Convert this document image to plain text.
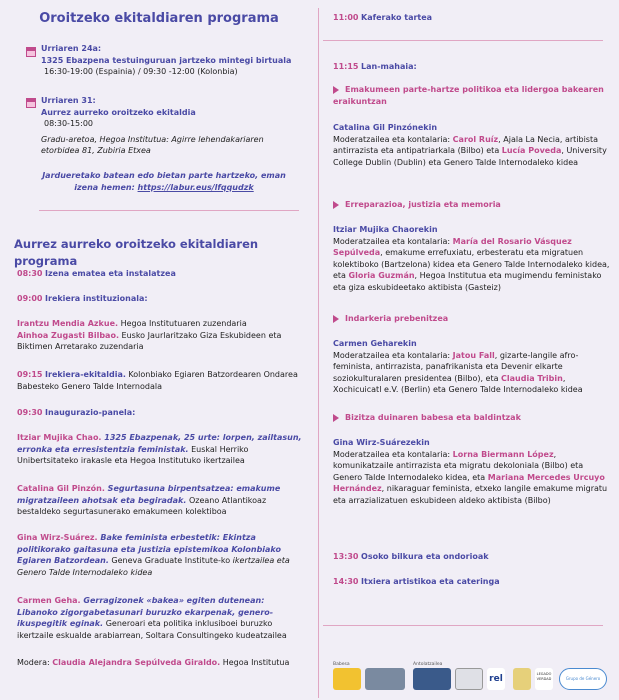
Oroitzeko ekitaldiaren programa
Urriaren 24a:
1325 Ebazpena testuinguruan jartzeko mintegi birtuala
16:30-19:00 (Espainia) / 09:30 -12:00 (Kolonbia)
Urriaren 31:
Aurrez aurreko oroitzeko ekitaldia
08:30-15:00
Gradu-aretoa, Hegoa Institutua: Agirre lehendakariaren etorbidea 81, Zubiria Etxea
Jardueretako batean edo bietan parte hartzeko, eman izena hemen: https://labur.eus/lfqqudzk
Aurrez aurreko oroitzeko ekitaldiaren programa
08:30 Izena ematea eta instalatzea
09:00 Irekiera instituzionala:
Irantzu Mendia Azkue. Hegoa Institutuaren zuzendaria
Ainhoa Zugasti Bilbao. Eusko Jaurlaritzako Giza Eskubideen eta Biktimen Arretarako zuzendaria
09:15 Irekiera-ekitaldia. Kolonbiako Egiaren Batzordearen Ondarea Babesteko Genero Talde Internodala
09:30 Inaugurazio-panela:
Itziar Mujika Chao. 1325 Ebazpenak, 25 urte: lorpen, zailtasun, erronka eta erresistentzia feministak. Euskal Herriko Unibertsitateko irakasle eta Hegoa Institutuko ikertzailea
Catalina Gil Pinzón. Segurtasuna birpentsatzea: emakume migratzaileen ahotsak eta begiradak. Ozeano Atlantikoaz bestaldeko segurtasunerako emakumeen kolektiboa
Gina Wirz-Suárez. Bake feminista erbestetik: Ekintza politikorako gaitasuna eta justizia epistemikoa Kolonbiako Egiaren Batzordean. Geneva Graduate Institute-ko ikertzailea eta Genero Talde Internodaleko kidea
Carmen Geha. Gerragizonek «bakea» egiten dutenean: Libanoko zigorgabetasunari buruzko ekarpenak, genero-ikuspegitik eginak. Generoari eta politika inklusiboei buruzko ikertzaile eskualde arabiarrean, Soltara Consultingeko kudeatzailea
Modera: Claudia Alejandra Sepúlveda Giraldo. Hegoa Institutua
11:00 Kaferako tartea
11:15 Lan-mahaia:
Emakumeen parte-hartze politikoa eta lidergoa bakearen eraikuntzan
Catalina Gil Pinzónekin
Moderatzailea eta kontalaria: Carol Ruíz, Ajala La Necia, artibista antirrazista eta antipatriarkala (Bilbo) eta Lucía Poveda, University College Dublin (Dublin) eta Genero Talde Internodaleko kidea
Erreparazioa, justizia eta memoria
Itziar Mujika Chaorekin
Moderatzailea eta kontalaria: María del Rosario Vásquez Sepúlveda, emakume errefuxiatu, erbesteratu eta migratuen kolektiboko (Bartzelona) kidea eta Genero Talde Internodaleko kidea, eta Gloria Guzmán, Hegoa Institutua eta mugimendu feministako eta giza eskubideetako aktibista (Gasteiz)
Indarkeria prebenitzea
Carmen Geharekin
Moderatzailea eta kontalaria: Jatou Fall, gizarte-langile afro-feminista, antirrazista, panafrikanista eta Devenir elkarte soziokulturalaren presidentea (Bilbo), eta Claudia Tribin, Xochicuicatl e.V. (Berlin) eta Genero Talde Internodaleko kidea
Bizitza duinaren babesa eta baldintzak
Gina Wirz-Suárezekin
Moderatzailea eta kontalaria: Lorna Biermann López, komunikatzaile antirrazista eta migratu dekoloniala (Bilbo) eta Genero Talde Internodaleko kidea, eta Mariana Mercedes Urcuyo Hernández, nikaraguar feminista, etxeko langile emakume migratu eta arrazializatuen eskubideen aldeko aktibista (Bilbo)
13:30 Osoko bilkura eta ondorioak
14:30 Itxiera artistikoa eta cateringa
Babesa	Antolatzailea
rel	LEGADO VERDAD	Grupo de Género
